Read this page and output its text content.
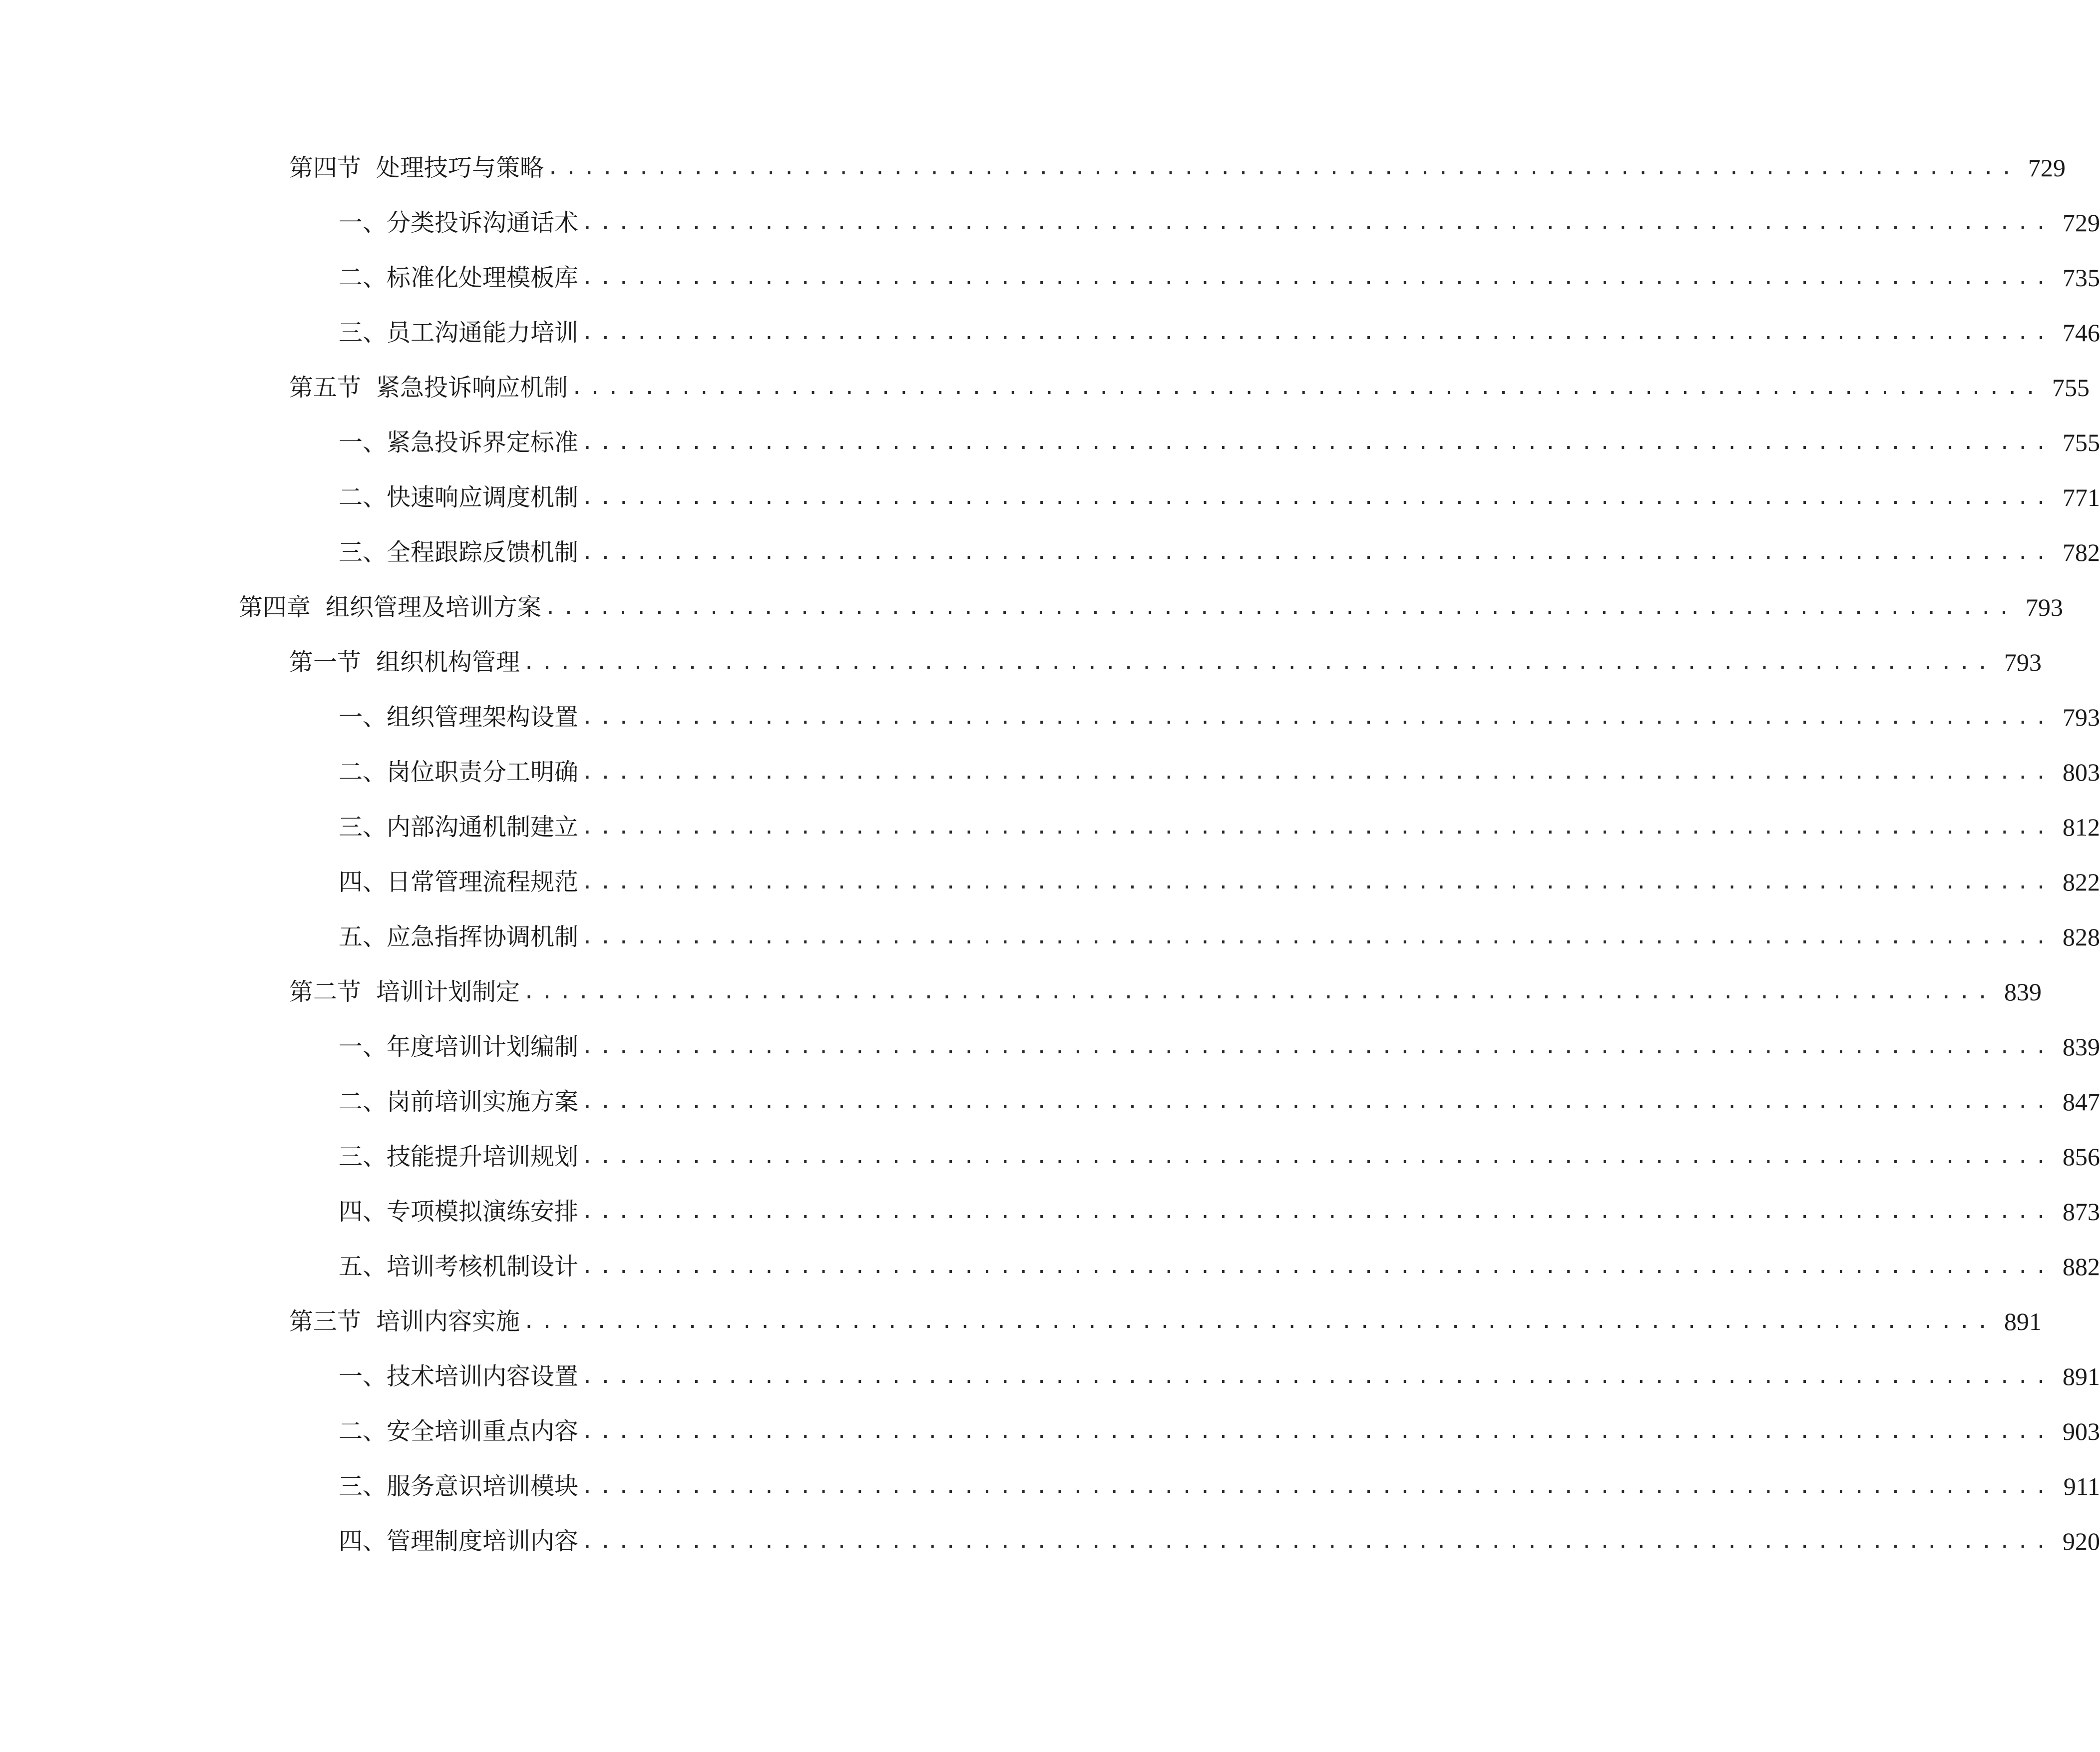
第四节 处理技巧与策略 ................................................................................. 729
一、 分类投诉沟通话术 ................................................................................. 729
二、 标准化处理模板库 ................................................................................. 735
三、 员工沟通能力培训 ................................................................................. 746
第五节 紧急投诉响应机制 ................................................................................. 755
一、 紧急投诉界定标准 ................................................................................. 755
二、 快速响应调度机制 ................................................................................. 771
三、 全程跟踪反馈机制 ................................................................................. 782
第四章 组织管理及培训方案 ................................................................................. 793
第一节 组织机构管理 ................................................................................. 793
一、 组织管理架构设置 ................................................................................. 793
二、 岗位职责分工明确 ................................................................................. 803
三、 内部沟通机制建立 ................................................................................. 812
四、 日常管理流程规范 ................................................................................. 822
五、 应急指挥协调机制 ................................................................................. 828
第二节 培训计划制定 ................................................................................. 839
一、 年度培训计划编制 ................................................................................. 839
二、 岗前培训实施方案 ................................................................................. 847
三、 技能提升培训规划 ................................................................................. 856
四、 专项模拟演练安排 ................................................................................. 873
五、 培训考核机制设计 ................................................................................. 882
第三节 培训内容实施 ................................................................................. 891
一、 技术培训内容设置 ................................................................................. 891
二、 安全培训重点内容 ................................................................................. 903
三、 服务意识培训模块 ................................................................................. 911
四、 管理制度培训内容 ................................................................................. 920
